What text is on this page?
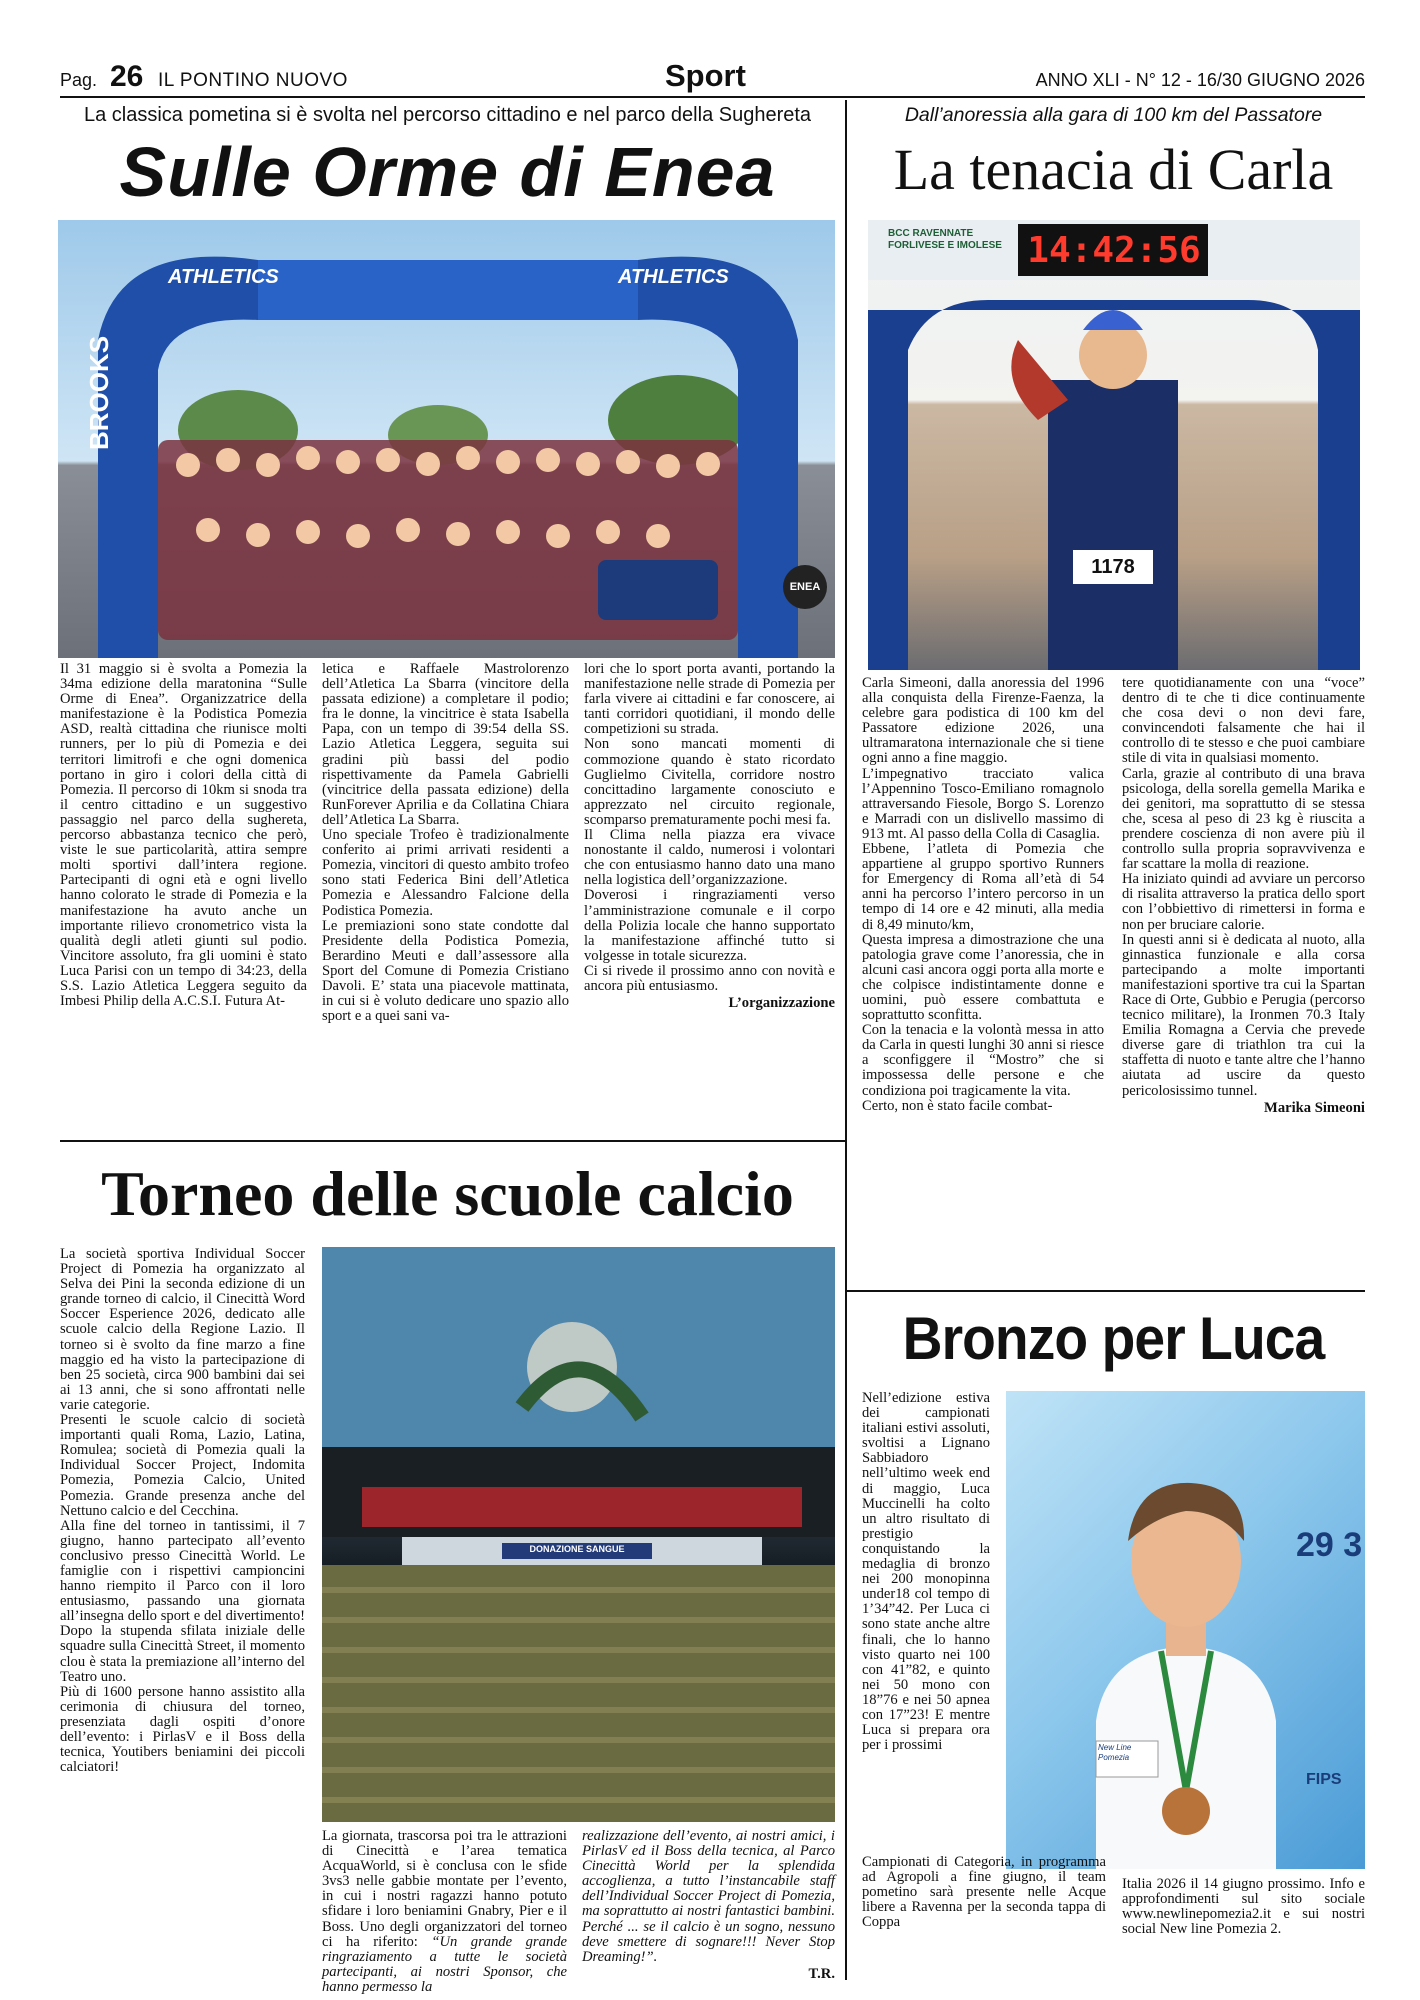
Pag. 26 IL PONTINO NUOVO	Sport	ANNO XLI - N° 12 - 16/30 GIUGNO 2026
La classica pometina si è svolta nel percorso cittadino e nel parco della Sughereta
Sulle Orme di Enea
ATHLETICS	ATHLETICS
BROOKS
ENEA

Il 31 maggio si è svolta a Pomezia la 34ma edizione della maratonina “Sulle Orme di Enea”. Organizzatrice della manifestazione è la Podistica Pomezia ASD, realtà cittadina che riunisce molti runners, per lo più di Pomezia e dei territori limitrofi e che ogni domenica portano in giro i colori della città di Pomezia. Il percorso di 10km si snoda tra il centro cittadino e un suggestivo passaggio nel parco della sughereta, percorso abbastanza tecnico che però, viste le sue particolarità, attira sempre molti sportivi dall’intera regione. Partecipanti di ogni età e ogni livello hanno colorato le strade di Pomezia e la manifestazione ha avuto anche un importante rilievo cronometrico vista la qualità degli atleti giunti sul podio. Vincitore assoluto, fra gli uomini è stato Luca Parisi con un tempo di 34:23, della S.S. Lazio Atletica Leggera seguito da Imbesi Philip della A.C.S.I. Futura At-

letica e Raffaele Mastrolorenzo dell’Atletica La Sbarra (vincitore della passata edizione) a completare il podio; fra le donne, la vincitrice è stata Isabella Papa, con un tempo di 39:54 della SS. Lazio Atletica Leggera, seguita sui gradini più bassi del podio rispettivamente da Pamela Gabrielli (vincitrice della passata edizione) della RunForever Aprilia e da Collatina Chiara dell’Atletica La Sbarra.

Uno speciale Trofeo è tradizionalmente conferito ai primi arrivati residenti a Pomezia, vincitori di questo ambito trofeo sono stati Federica Bini dell’Atletica Pomezia e Alessandro Falcione della Podistica Pomezia.

Le premiazioni sono state condotte dal Presidente della Podistica Pomezia, Berardino Meuti e dall’assessore alla Sport del Comune di Pomezia Cristiano Davoli. E’ stata una piacevole mattinata, in cui si è voluto dedicare uno spazio allo sport e a quei sani va-

lori che lo sport porta avanti, portando la manifestazione nelle strade di Pomezia per farla vivere ai cittadini e far conoscere, ai tanti corridori quotidiani, il mondo delle competizioni su strada.

Non sono mancati momenti di commozione quando è stato ricordato Guglielmo Civitella, corridore nostro concittadino largamente conosciuto e apprezzato nel circuito regionale, scomparso prematuramente pochi mesi fa.

Il Clima nella piazza era vivace nonostante il caldo, numerosi i volontari che con entusiasmo hanno dato una mano nella logistica dell’organizzazione.

Doverosi i ringraziamenti verso l’amministrazione comunale e il corpo della Polizia locale che hanno supportato la manifestazione affinché tutto si volgesse in totale sicurezza.

Ci si rivede il prossimo anno con novità e ancora più entusiasmo.

L’organizzazione
Dall’anoressia alla gara di 100 km del Passatore
La tenacia di Carla
14:42:56
BCC RAVENNATE FORLIVESE E IMOLESE
1178

Carla Simeoni, dalla anoressia del 1996 alla conquista della Firenze-Faenza, la celebre gara podistica di 100 km del Passatore edizione 2026, una ultramaratona internazionale che si tiene ogni anno a fine maggio.

L’impegnativo tracciato valica l’Appennino Tosco-Emiliano romagnolo attraversando Fiesole, Borgo S. Lorenzo e Marradi con un dislivello massimo di 913 mt. Al passo della Colla di Casaglia.

Ebbene, l’atleta di Pomezia che appartiene al gruppo sportivo Runners for Emergency di Roma all’età di 54 anni ha percorso l’intero percorso in un tempo di 14 ore e 42 minuti, alla media di 8,49 minuto/km,

Questa impresa a dimostrazione che una patologia grave come l’anoressia, che in alcuni casi ancora oggi porta alla morte e che colpisce indistintamente donne e uomini, può essere combattuta e soprattutto sconfitta.

Con la tenacia e la volontà messa in atto da Carla in questi lunghi 30 anni si riesce a sconfiggere il “Mostro” che si impossessa delle persone e che condiziona poi tragicamente la vita.

Certo, non è stato facile combat-

tere quotidianamente con una “voce” dentro di te che ti dice continuamente che cosa devi o non devi fare, convincendoti falsamente che hai il controllo di te stesso e che puoi cambiare stile di vita in qualsiasi momento.

Carla, grazie al contributo di una brava psicologa, della sorella gemella Marika e dei genitori, ma soprattutto di se stessa che, scesa al peso di 23 kg è riuscita a prendere coscienza di non avere più il controllo sulla propria sopravvivenza e far scattare la molla di reazione.

Ha iniziato quindi ad avviare un percorso di risalita attraverso la pratica dello sport con l’obbiettivo di rimettersi in forma e non per bruciare calorie.

In questi anni si è dedicata al nuoto, alla ginnastica funzionale e alla corsa partecipando a molte importanti manifestazioni sportive tra cui la Spartan Race di Orte, Gubbio e Perugia (percorso tecnico militare), la Ironmen 70.3 Italy Emilia Romagna a Cervia che prevede diverse gare di triathlon tra cui la staffetta di nuoto e tante altre che l’hanno aiutata ad uscire da questo pericolosissimo tunnel.

Marika Simeoni
Torneo delle scuole calcio

La società sportiva Individual Soccer Project di Pomezia ha organizzato al Selva dei Pini la seconda edizione di un grande torneo di calcio, il Cinecittà Word Soccer Esperience 2026, dedicato alle scuole calcio della Regione Lazio. Il torneo si è svolto da fine marzo a fine maggio ed ha visto la partecipazione di ben 25 società, circa 900 bambini dai sei ai 13 anni, che si sono affrontati nelle varie categorie.

Presenti le scuole calcio di società importanti quali Roma, Lazio, Latina, Romulea; società di Pomezia quali la Individual Soccer Project, Indomita Pomezia, Pomezia Calcio, United Pomezia. Grande presenza anche del Nettuno calcio e del Cecchina.

Alla fine del torneo in tantissimi, il 7 giugno, hanno partecipato all’evento conclusivo presso Cinecittà World. Le famiglie con i rispettivi campioncini hanno riempito il Parco con il loro entusiasmo, passando una giornata all’insegna dello sport e del divertimento! Dopo la stupenda sfilata iniziale delle squadre sulla Cinecittà Street, il momento clou è stata la premiazione all’interno del Teatro uno.

Più di 1600 persone hanno assistito alla cerimonia di chiusura del torneo, presenziata dagli ospiti d’onore dell’evento: i PirlasV e il Boss della tecnica, Youtibers beniamini dei piccoli calciatori!

DONAZIONE SANGUE

La giornata, trascorsa poi tra le attrazioni di Cinecittà e l’area tematica AcquaWorld, si è conclusa con le sfide 3vs3 nelle gabbie montate per l’evento, in cui i nostri ragazzi hanno potuto sfidare i loro beniamini Gnabry, Pier e il Boss. Uno degli organizzatori del torneo ci ha riferito: “Un grande grande ringraziamento a tutte le società partecipanti, ai nostri Sponsor, che hanno permesso la

realizzazione dell’evento, ai nostri amici, i PirlasV ed il Boss della tecnica, al Parco Cinecittà World per la splendida accoglienza, a tutto l’instancabile staff dell’Individual Soccer Project di Pomezia, ma soprattutto ai nostri fantastici bambini. Perché ... se il calcio è un sogno, nessuno deve smettere di sognare!!! Never Stop Dreaming!”.

T.R.
Bronzo per Luca

Nell’edizione estiva dei campionati italiani estivi assoluti, svoltisi a Lignano Sabbiadoro nell’ultimo week end di maggio, Luca Muccinelli ha colto un altro risultato di prestigio conquistando la medaglia di bronzo nei 200 monopinna under18 col tempo di 1’34”42. Per Luca ci sono state anche altre finali, che lo hanno visto quarto nei 100 con 41”82, e quinto nei 50 mono con 18”76 e nei 50 apnea con 17”23! E mentre Luca si prepara ora per i prossimi

29 3
FIPS
New Line Pomezia

Campionati di Categoria, in programma ad Agropoli a fine giugno, il team pometino sarà presente nelle Acque libere a Ravenna per la seconda tappa di Coppa

Italia 2026 il 14 giugno prossimo. Info e approfondimenti sul sito sociale www.newlinepomezia2.it e sui nostri social New line Pomezia 2.
